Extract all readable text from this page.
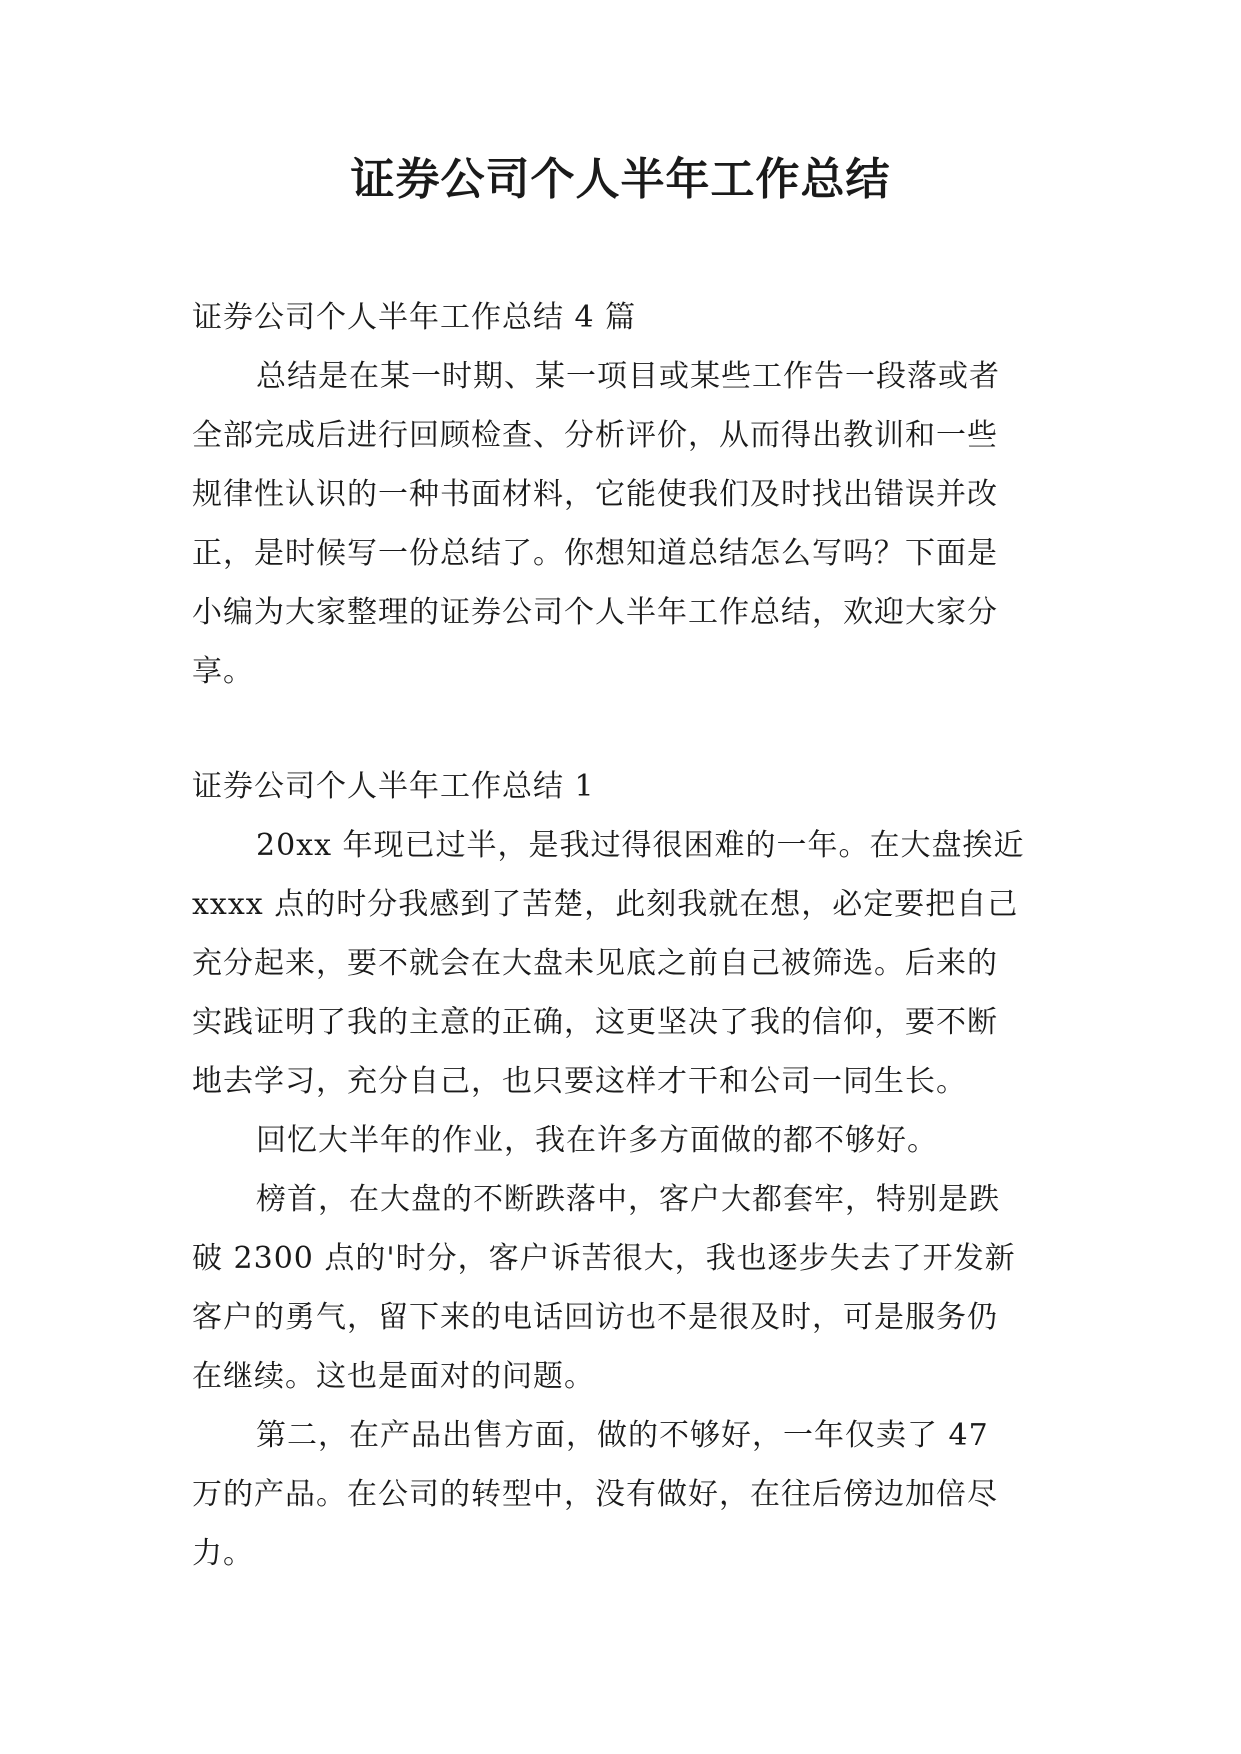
证券公司个人半年工作总结

证券公司个人半年工作总结 4 篇

总结是在某一时期、某一项目或某些工作告一段落或者

全部完成后进行回顾检查、分析评价，从而得出教训和一些

规律性认识的一种书面材料，它能使我们及时找出错误并改

正，是时候写一份总结了。你想知道总结怎么写吗？下面是

小编为大家整理的证券公司个人半年工作总结，欢迎大家分

享。

证券公司个人半年工作总结 1

20xx 年现已过半，是我过得很困难的一年。在大盘挨近

xxxx 点的时分我感到了苦楚，此刻我就在想，必定要把自己

充分起来，要不就会在大盘未见底之前自己被筛选。后来的

实践证明了我的主意的正确，这更坚决了我的信仰，要不断

地去学习，充分自己，也只要这样才干和公司一同生长。

回忆大半年的作业，我在许多方面做的都不够好。

榜首，在大盘的不断跌落中，客户大都套牢，特别是跌

破 2300 点的'时分，客户诉苦很大，我也逐步失去了开发新

客户的勇气，留下来的电话回访也不是很及时，可是服务仍

在继续。这也是面对的问题。

第二，在产品出售方面，做的不够好，一年仅卖了 47

万的产品。在公司的转型中，没有做好，在往后傍边加倍尽

力。
